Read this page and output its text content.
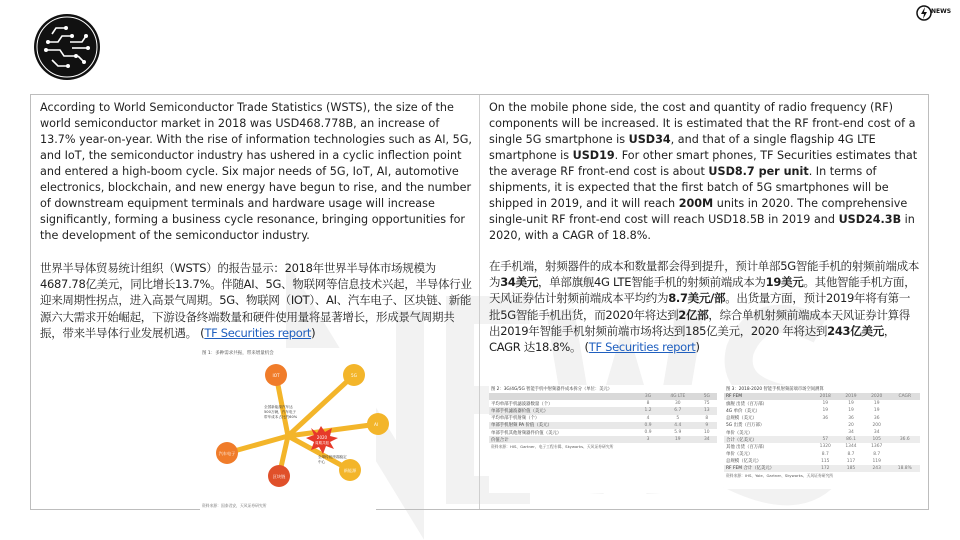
NEWS

According to World Semiconductor Trade Statistics (WSTS), the size of the world semiconductor market in 2018 was USD468.778B, an increase of 13.7% year-on-year. With the rise of information technologies such as AI, 5G, and IoT, the semiconductor industry has ushered in a cyclic inflection point and entered a high-boom cycle. Six major needs of 5G, IoT, AI, automotive electronics, blockchain, and new energy have begun to rise, and the number of downstream equipment terminals and hardware usage will increase significantly, forming a business cycle resonance, bringing opportunities for the development of the semiconductor industry.

世界半导体贸易统计组织（WSTS）的报告显示：2018年世界半导体市场规模为4687.78亿美元，同比增长13.7%。伴随AI、5G、物联网等信息技术兴起，半导体行业迎来周期性拐点，进入高景气周期。5G、物联网（IOT）、AI、汽车电子、区块链、新能源六大需求开始崛起，下游设备终端数量和硬件使用量将显著增长，形成景气周期共振，带来半导体行业发展机遇。 (TF Securities report)

图 1：多种需求共振，带来增量机会
2020
周期共振
IOT	5G
AI
汽车电子
区块链
新能源
全国新能源汽车达
500万辆，汽车电子
带车成本占比约60%
全球传统终端稳定
中心
资料来源：国泰君安，天风证券研究所

On the mobile phone side, the cost and quantity of radio frequency (RF) components will be increased. It is estimated that the RF front-end cost of a single 5G smartphone is USD34, and that of a single flagship 4G LTE smartphone is USD19. For other smart phones, TF Securities estimates that the average RF front-end cost is about USD8.7 per unit. In terms of shipments, it is expected that the first batch of 5G smartphones will be shipped in 2019, and it will reach 200M units in 2020. The comprehensive single-unit RF front-end cost will reach USD18.5B in 2019 and USD24.3B in 2020, with a CAGR of 18.8%.

在手机端，射频器件的成本和数量都会得到提升，预计单部5G智能手机的射频前端成本为34美元，单部旗舰4G LTE智能手机的射频前端成本为19美元。其他智能手机方面，天风证券估计射频前端成本平均约为8.7美元/部。出货量方面，预计2019年将有第一批5G智能手机出货，而2020年将达到2亿部，综合单机射频前端成本天风证券计算得出2019年智能手机射频前端市场将达到185亿美元，2020 年将达到243亿美元，CAGR 达18.8%。 (TF Securities report)

图 2：3G/4G/5G 智能手机中射频器件成本拆分（单位：美元）
	3G	4G LTE	5G
平均单部手机滤波器数量（个）	8	30	75
单部手机滤波器价值（美元）	1.2	6.7	13
平均单部手机射频（个）	4	5	8
单部手机射频 PA 价值（美元）	0.9	4.4	9
单部手机其他射频器件价值（美元）	0.9	5.9	10
价值合计	3	19	34
资料来源：HIS、Gartner、电子工程专辑、Skyworks、天风证券研究所
图 3：2018-2020 智能手机射频前端市场空间测算
RF FEM	2018	2019	2020	CAGR
旗舰 出货（百万部）	19	19	19	
4G 单价（美元）	19	19	19	
总规模（美元）	36	36	36	
5G 出货（百万部）		20	200	
单价（美元）		34	34	
合计（亿美元）	57	86.1	105	36.6
其他 出货（百万部）	1320	1344	1367	
单价（美元）	8.7	8.7	8.7	
总规模（亿美元）	115	117	119	
RF FEM 合计（亿美元）	172	185	243	18.8%
资料来源：IHS、Yole、Gartner、Skyworks、天风证券研究所
